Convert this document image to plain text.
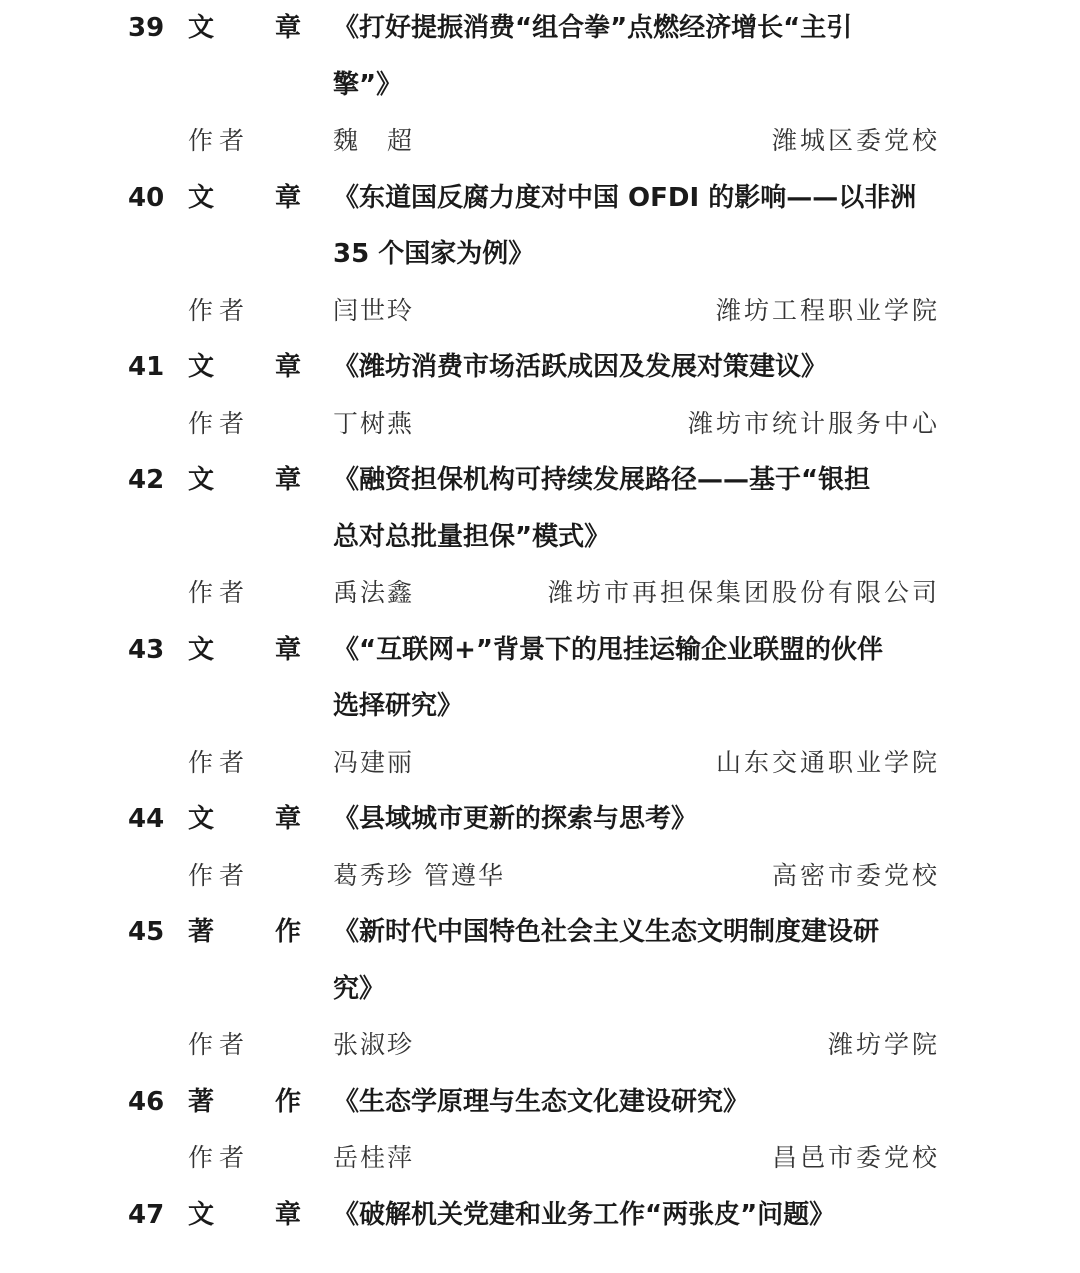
39 文 章 《打好提振消费“组合拳”点燃经济增长“主引
擎”》
作者	魏　超	潍城区委党校
40 文 章 《东道国反腐力度对中国 OFDI 的影响——以非洲
35 个国家为例》
作者	闫世玲	潍坊工程职业学院
41 文 章 《潍坊消费市场活跃成因及发展对策建议》
作者	丁树燕	潍坊市统计服务中心
42 文 章 《融资担保机构可持续发展路径——基于“银担
总对总批量担保”模式》
作者	禹法鑫	潍坊市再担保集团股份有限公司
43 文 章 《“互联网+”背景下的甩挂运输企业联盟的伙伴
选择研究》
作者	冯建丽	山东交通职业学院
44 文 章 《县域城市更新的探索与思考》
作者	葛秀珍 管遵华	高密市委党校
45 著 作 《新时代中国特色社会主义生态文明制度建设研
究》
作者	张淑珍	潍坊学院
46 著 作 《生态学原理与生态文化建设研究》
作者	岳桂萍	昌邑市委党校
47 文 章 《破解机关党建和业务工作“两张皮”问题》
